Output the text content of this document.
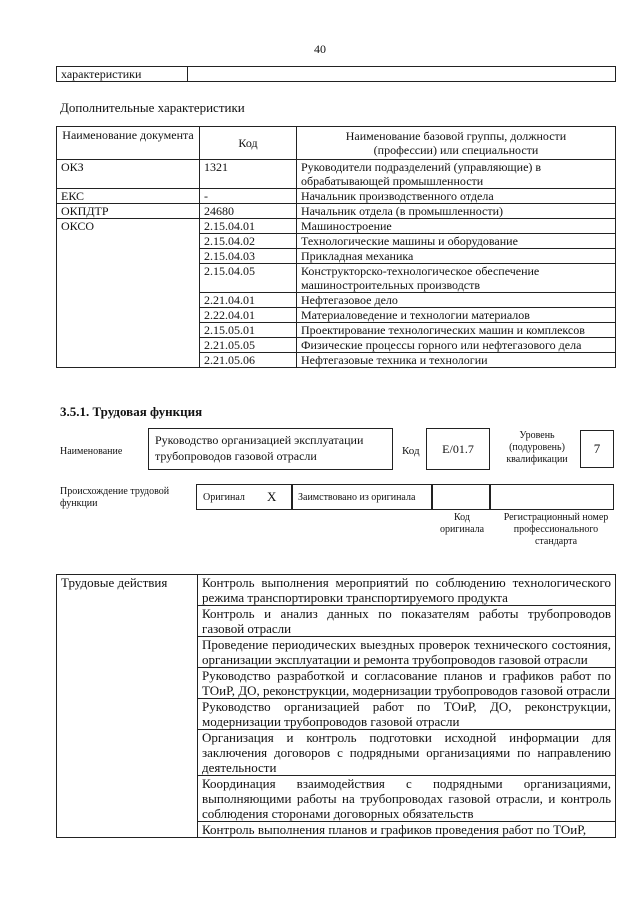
40
характеристики	
Дополнительные характеристики
Наименование документа	Код	Наименование базовой группы, должности (профессии) или специальности
ОКЗ	1321	Руководители подразделений (управляющие) в обрабатывающей промышленности
ЕКС	-	Начальник производственного отдела
ОКПДТР	24680	Начальник отдела (в промышленности)
ОКСО	2.15.04.01	Машиностроение
	2.15.04.02	Технологические машины и оборудование
	2.15.04.03	Прикладная механика
	2.15.04.05	Конструкторско-технологическое обеспечение машиностроительных производств
	2.21.04.01	Нефтегазовое дело
	2.22.04.01	Материаловедение и технологии материалов
	2.15.05.01	Проектирование технологических машин и комплексов
	2.21.05.05	Физические процессы горного или нефтегазового дела
	2.21.05.06	Нефтегазовые техника и технологии
3.5.1. Трудовая функция
Наименование
Руководство организацией эксплуатации трубопроводов газовой отрасли	Код	E/01.7
Уровень (подуровень) квалификации
7
Происхождение трудовой функции
Оригинал X	Заимствовано из оригинала
Код оригинала
Регистрационный номер профессионального стандарта
Трудовые действия	Контроль выполнения мероприятий по соблюдению технологического режима транспортировки транспортируемого продукта
Контроль и анализ данных по показателям работы трубопроводов газовой отрасли
Проведение периодических выездных проверок технического состояния, организации эксплуатации и ремонта трубопроводов газовой отрасли
Руководство разработкой и согласование планов и графиков работ по ТОиР, ДО, реконструкции, модернизации трубопроводов газовой отрасли
Руководство организацией работ по ТОиР, ДО, реконструкции, модернизации трубопроводов газовой отрасли
Организация и контроль подготовки исходной информации для заключения договоров с подрядными организациями по направлению деятельности
Координация взаимодействия с подрядными организациями, выполняющими работы на трубопроводах газовой отрасли, и контроль соблюдения сторонами договорных обязательств
Контроль выполнения планов и графиков проведения работ по ТОиР,
